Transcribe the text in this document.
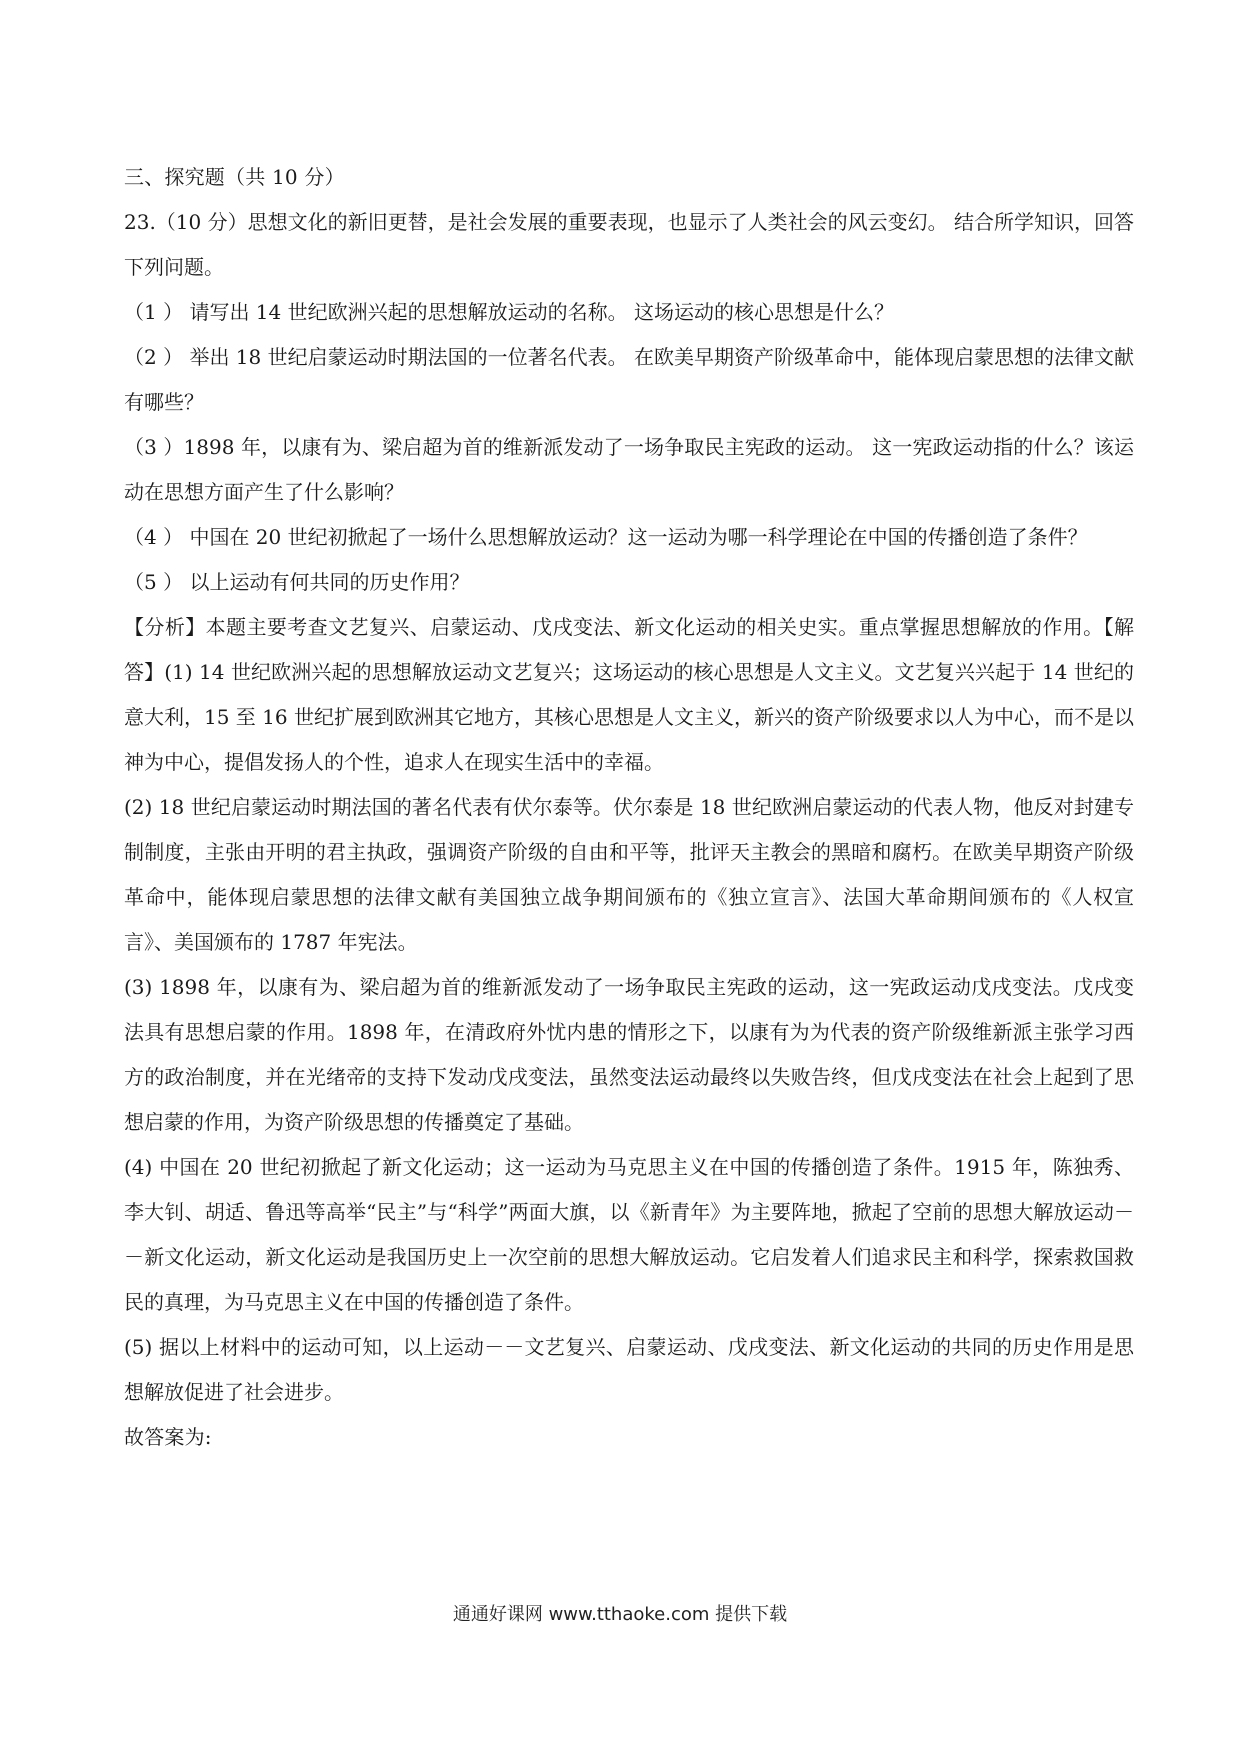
三、探究题（共 10 分）

23.（10 分）思想文化的新旧更替，是社会发展的重要表现，也显示了人类社会的风云变幻。 结合所学知识，回答下列问题。

（1 ） 请写出 14 世纪欧洲兴起的思想解放运动的名称。 这场运动的核心思想是什么？

（2 ） 举出 18 世纪启蒙运动时期法国的一位著名代表。 在欧美早期资产阶级革命中，能体现启蒙思想的法律文献有哪些？

（3 ）1898 年，以康有为、梁启超为首的维新派发动了一场争取民主宪政的运动。 这一宪政运动指的什么？该运动在思想方面产生了什么影响？

（4 ） 中国在 20 世纪初掀起了一场什么思想解放运动？这一运动为哪一科学理论在中国的传播创造了条件？

（5 ） 以上运动有何共同的历史作用？

【分析】本题主要考查文艺复兴、启蒙运动、戊戌变法、新文化运动的相关史实。重点掌握思想解放的作用。【解答】(1) 14 世纪欧洲兴起的思想解放运动文艺复兴；这场运动的核心思想是人文主义。文艺复兴兴起于 14 世纪的意大利，15 至 16 世纪扩展到欧洲其它地方，其核心思想是人文主义，新兴的资产阶级要求以人为中心，而不是以神为中心，提倡发扬人的个性，追求人在现实生活中的幸福。

(2) 18 世纪启蒙运动时期法国的著名代表有伏尔泰等。伏尔泰是 18 世纪欧洲启蒙运动的代表人物，他反对封建专制制度，主张由开明的君主执政，强调资产阶级的自由和平等，批评天主教会的黑暗和腐朽。在欧美早期资产阶级革命中，能体现启蒙思想的法律文献有美国独立战争期间颁布的《独立宣言》、法国大革命期间颁布的《人权宣言》、美国颁布的 1787 年宪法。

(3) 1898 年，以康有为、梁启超为首的维新派发动了一场争取民主宪政的运动，这一宪政运动戊戌变法。戊戌变法具有思想启蒙的作用。1898 年，在清政府外忧内患的情形之下，以康有为为代表的资产阶级维新派主张学习西方的政治制度，并在光绪帝的支持下发动戊戌变法，虽然变法运动最终以失败告终，但戊戌变法在社会上起到了思想启蒙的作用，为资产阶级思想的传播奠定了基础。

(4) 中国在 20 世纪初掀起了新文化运动；这一运动为马克思主义在中国的传播创造了条件。1915 年，陈独秀、李大钊、胡适、鲁迅等高举“民主”与“科学”两面大旗，以《新青年》为主要阵地，掀起了空前的思想大解放运动－－新文化运动，新文化运动是我国历史上一次空前的思想大解放运动。它启发着人们追求民主和科学，探索救国救民的真理，为马克思主义在中国的传播创造了条件。

(5) 据以上材料中的运动可知，以上运动－－文艺复兴、启蒙运动、戊戌变法、新文化运动的共同的历史作用是思想解放促进了社会进步。

故答案为:

通通好课网 www.tthaoke.com 提供下载
